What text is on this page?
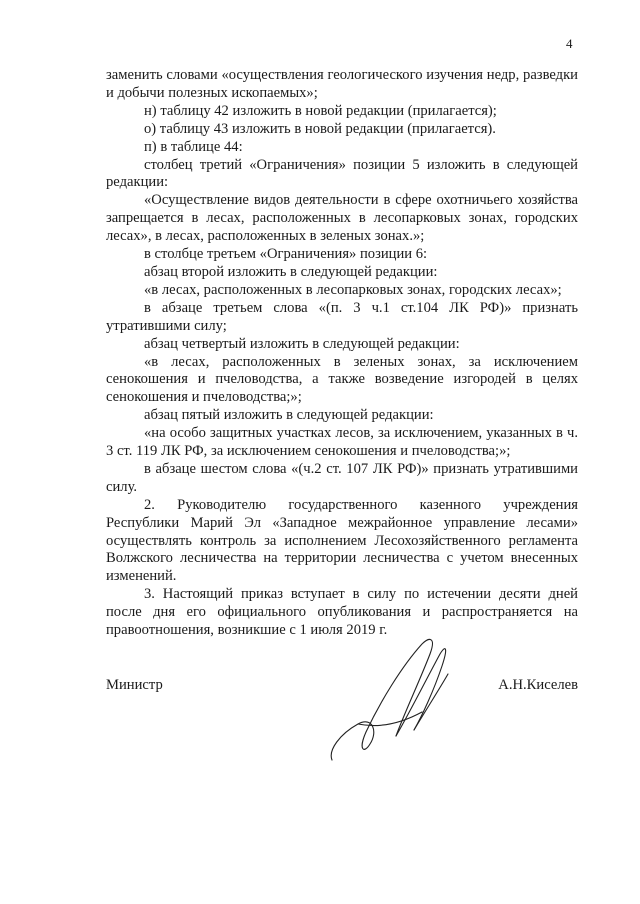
4

заменить словами «осуществления геологического изучения недр, разведки и добычи полезных ископаемых»;

н) таблицу 42 изложить в новой редакции (прилагается);

о) таблицу 43 изложить в новой редакции (прилагается).

п) в таблице 44:

столбец третий «Ограничения» позиции 5 изложить в следующей редакции:

«Осуществление видов деятельности в сфере охотничьего хозяйства запрещается в лесах, расположенных в лесопарковых зонах, городских лесах», в лесах, расположенных в зеленых зонах.»;

в столбце третьем «Ограничения» позиции 6:

абзац второй изложить в следующей редакции:

«в лесах, расположенных в лесопарковых зонах, городских лесах»;

в абзаце третьем слова «(п. 3 ч.1 ст.104 ЛК РФ)» признать утратившими силу;

абзац четвертый изложить в следующей редакции:

«в лесах, расположенных в зеленых зонах, за исключением сенокошения и пчеловодства, а также возведение изгородей в целях сенокошения и пчеловодства;»;

абзац пятый изложить в следующей редакции:

«на особо защитных участках лесов, за исключением, указанных в ч. 3 ст. 119 ЛК РФ, за исключением сенокошения и пчеловодства;»;

в абзаце шестом слова «(ч.2 ст. 107 ЛК РФ)» признать утратившими силу.

2. Руководителю государственного казенного учреждения Республики Марий Эл «Западное межрайонное управление лесами» осуществлять контроль за исполнением Лесохозяйственного регламента Волжского лесничества на территории лесничества с учетом внесенных изменений.

3. Настоящий приказ вступает в силу по истечении десяти дней после дня его официального опубликования и распространяется на правоотношения, возникшие с 1 июля 2019 г.

Министр	А.Н.Киселев
